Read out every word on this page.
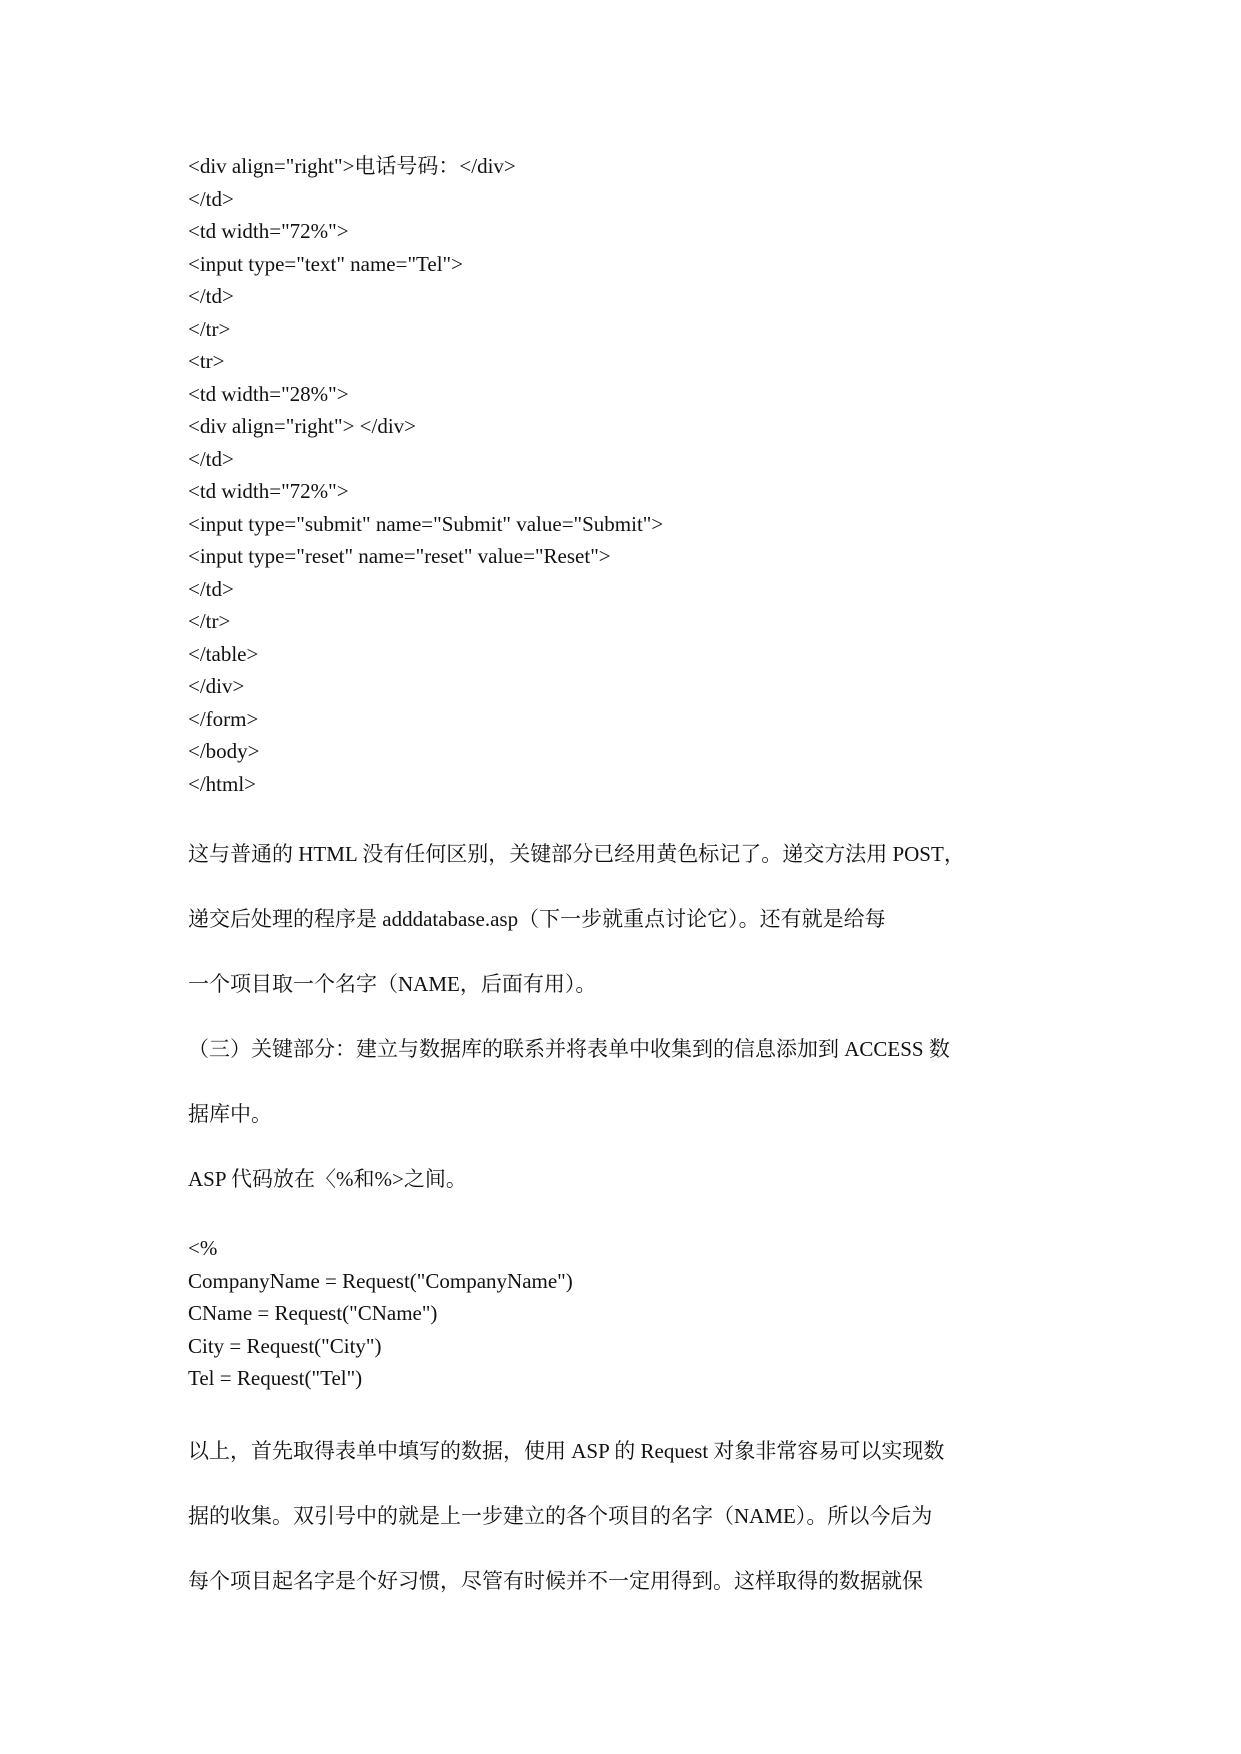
<div align="right">电话号码：</div>
</td>
<td width="72%">
<input type="text" name="Tel">
</td>
</tr>
<tr>
<td width="28%">
<div align="right"> </div>
</td>
<td width="72%">
<input type="submit" name="Submit" value="Submit">
<input type="reset" name="reset" value="Reset">
</td>
</tr>
</table>
</div>
</form>
</body>
</html>
这与普通的 HTML 没有任何区别，关键部分已经用黄色标记了。递交方法用 POST，
递交后处理的程序是 adddatabase.asp（下一步就重点讨论它）。还有就是给每
一个项目取一个名字（NAME，后面有用）。
（三）关键部分：建立与数据库的联系并将表单中收集到的信息添加到 ACCESS 数
据库中。
ASP 代码放在〈%和%>之间。
<%
CompanyName = Request("CompanyName")
CName = Request("CName")
City = Request("City")
Tel = Request("Tel")
以上，首先取得表单中填写的数据，使用 ASP 的 Request 对象非常容易可以实现数
据的收集。双引号中的就是上一步建立的各个项目的名字（NAME）。所以今后为
每个项目起名字是个好习惯，尽管有时候并不一定用得到。这样取得的数据就保
